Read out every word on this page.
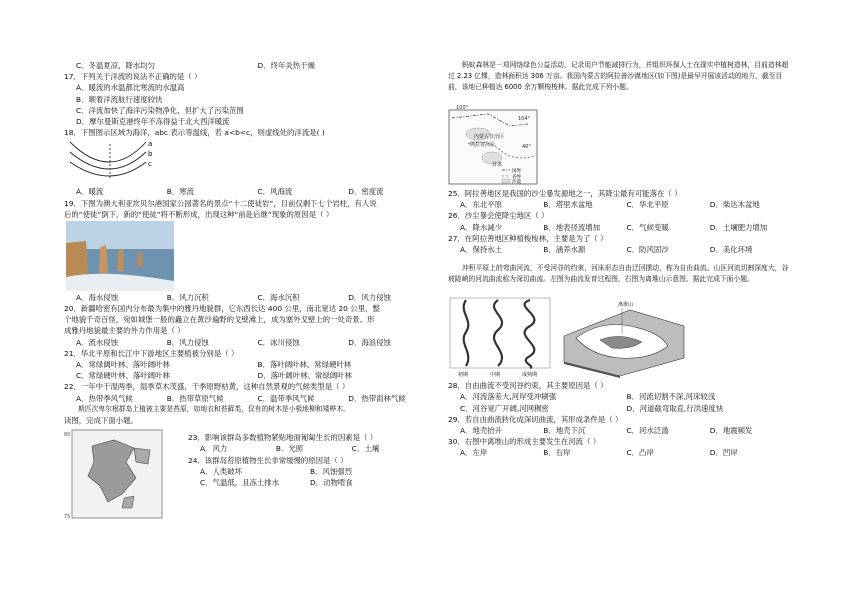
C．冬温夏凉，降水均匀	D．终年炎热干燥
17．下列关于洋流的说法不正确的是（ ）
A．暖流的水温都比寒流的水温高
B．顺着洋流航行速度较快
C．洋流加快了海洋污染物净化，但扩大了污染范围
D．摩尔曼斯克港终年不冻得益于北大西洋暖流
18．下图图示区域为海洋，abc 表示等温线，若 a<b<c，则虚线处的洋流是( )
a
b
c
A．暖流	B．寒流	C．风海流	D．密度流
19．下图为澳大利亚坎贝尔港国家公园著名的景点“十二使徒岩”，目前仅剩下七个岩柱，有人说
后的“使徒”倒下，新的“使徒”将不断形成，出现这种“前赴后继”现象的原因是（ ）
A．海水侵蚀	B．风力沉积	C．海水沉积	D．风力侵蚀
20．新疆哈密有国内分布最为集中的雅丹地貌群，它东西长达 400 公里，南北宽达 20 公里，整
个地貌千奇百怪，宛如城堡一般的矗立在黄沙遍野的戈壁滩上，成为塞外戈壁上的一处奇景。形
成雅丹地貌最主要的外力作用是（ ）
A．流水侵蚀	B．风力侵蚀	C．冰川侵蚀	D．海浪侵蚀
21．华北平原和长江中下游地区主要植被分别是（ ）
A．常绿阔叶林、落叶阔叶林	B．落叶阔叶林、常绿硬叶林
C．常绿硬叶林、落叶阔叶林	D．落叶阔叶林、常绿阔叶林
22．一年中干湿两季，湿季草木茂盛，干季原野枯黄，这种自然景观的气候类型是（ ）
A．热带季风气候	B．热带草原气候	C．温带季风气候	D．热带雨林气候
斯匹次卑尔根群岛上植被主要是苔原，如地衣和苔藓类，仅有的树木是小极地柳和矮桦木。
读图，完成下面小题。
80
75
23．影响该群岛多数植物紧贴地面匍匐生长的因素是（ ）
A．风力	B．光照	C．土壤
24．该群岛苔原植物生长非常缓慢的原因是（ ）
A．人类破坏	B．风蚀强烈
C．气温低，且冻土排水	D．动物啃食
蚂蚁森林是一项网络绿色公益活动，记录用户节能减排行为，并组织环保人士在现实中植树造林，目前造林超过 2.23 亿棵，造林面积达 306 万亩。我国内蒙古的阿拉善沙漠地区(如下图)是最早开展该活动的地方，截至目前，该地已种植达 6000 余万颗梭梭林。据此完成下列小题。
100°
104°
40°
内蒙古自治区
阿拉善高原
甘肃
国界
省界
沙漠
25．阿拉善地区是我国的沙尘暴发源地之一，其降尘最有可能落在（ ）
A．东北平原	B．塔里木盆地	C．华北平原	D．柴达木盆地
26．沙尘暴会使降尘地区（ ）
A．降水减少	B．地表径流增加	C．气候变暖	D．土壤肥力增加
27．在阿拉善地区种植梭梭林，主要是为了（ ）
A．保持水土	B．涵养水源	C．防风固沙	D．美化环境
冲积平原上的弯曲河流，不受河谷的约束，河床形态自由迂回摆动，称为自由曲流。山区河流切割深度大，谷坡陡峭的河流曲流称为深切曲流。左图为曲流发育过程图，右图为离堆山示意图。据此完成下面小题。
初期	中期	成熟期
离堆山
28．自由曲流不受河谷约束，其主要原因是（ ）
A．河流落差大,河岸受冲刷强	B．河流切割不深,河床较浅
C．河谷宽广开阔,河网稠密	D．河道截弯取直,行洪速度快
29．若自由曲流转化成深切曲流，其形成条件是（ ）
A．地壳抬升	B．地壳下沉	C．河水泛滥	D．地震频发
30．右图中离堆山的形成主要发生在河流（ ）
A．左岸	B．右岸	C．凸岸	D．凹岸
